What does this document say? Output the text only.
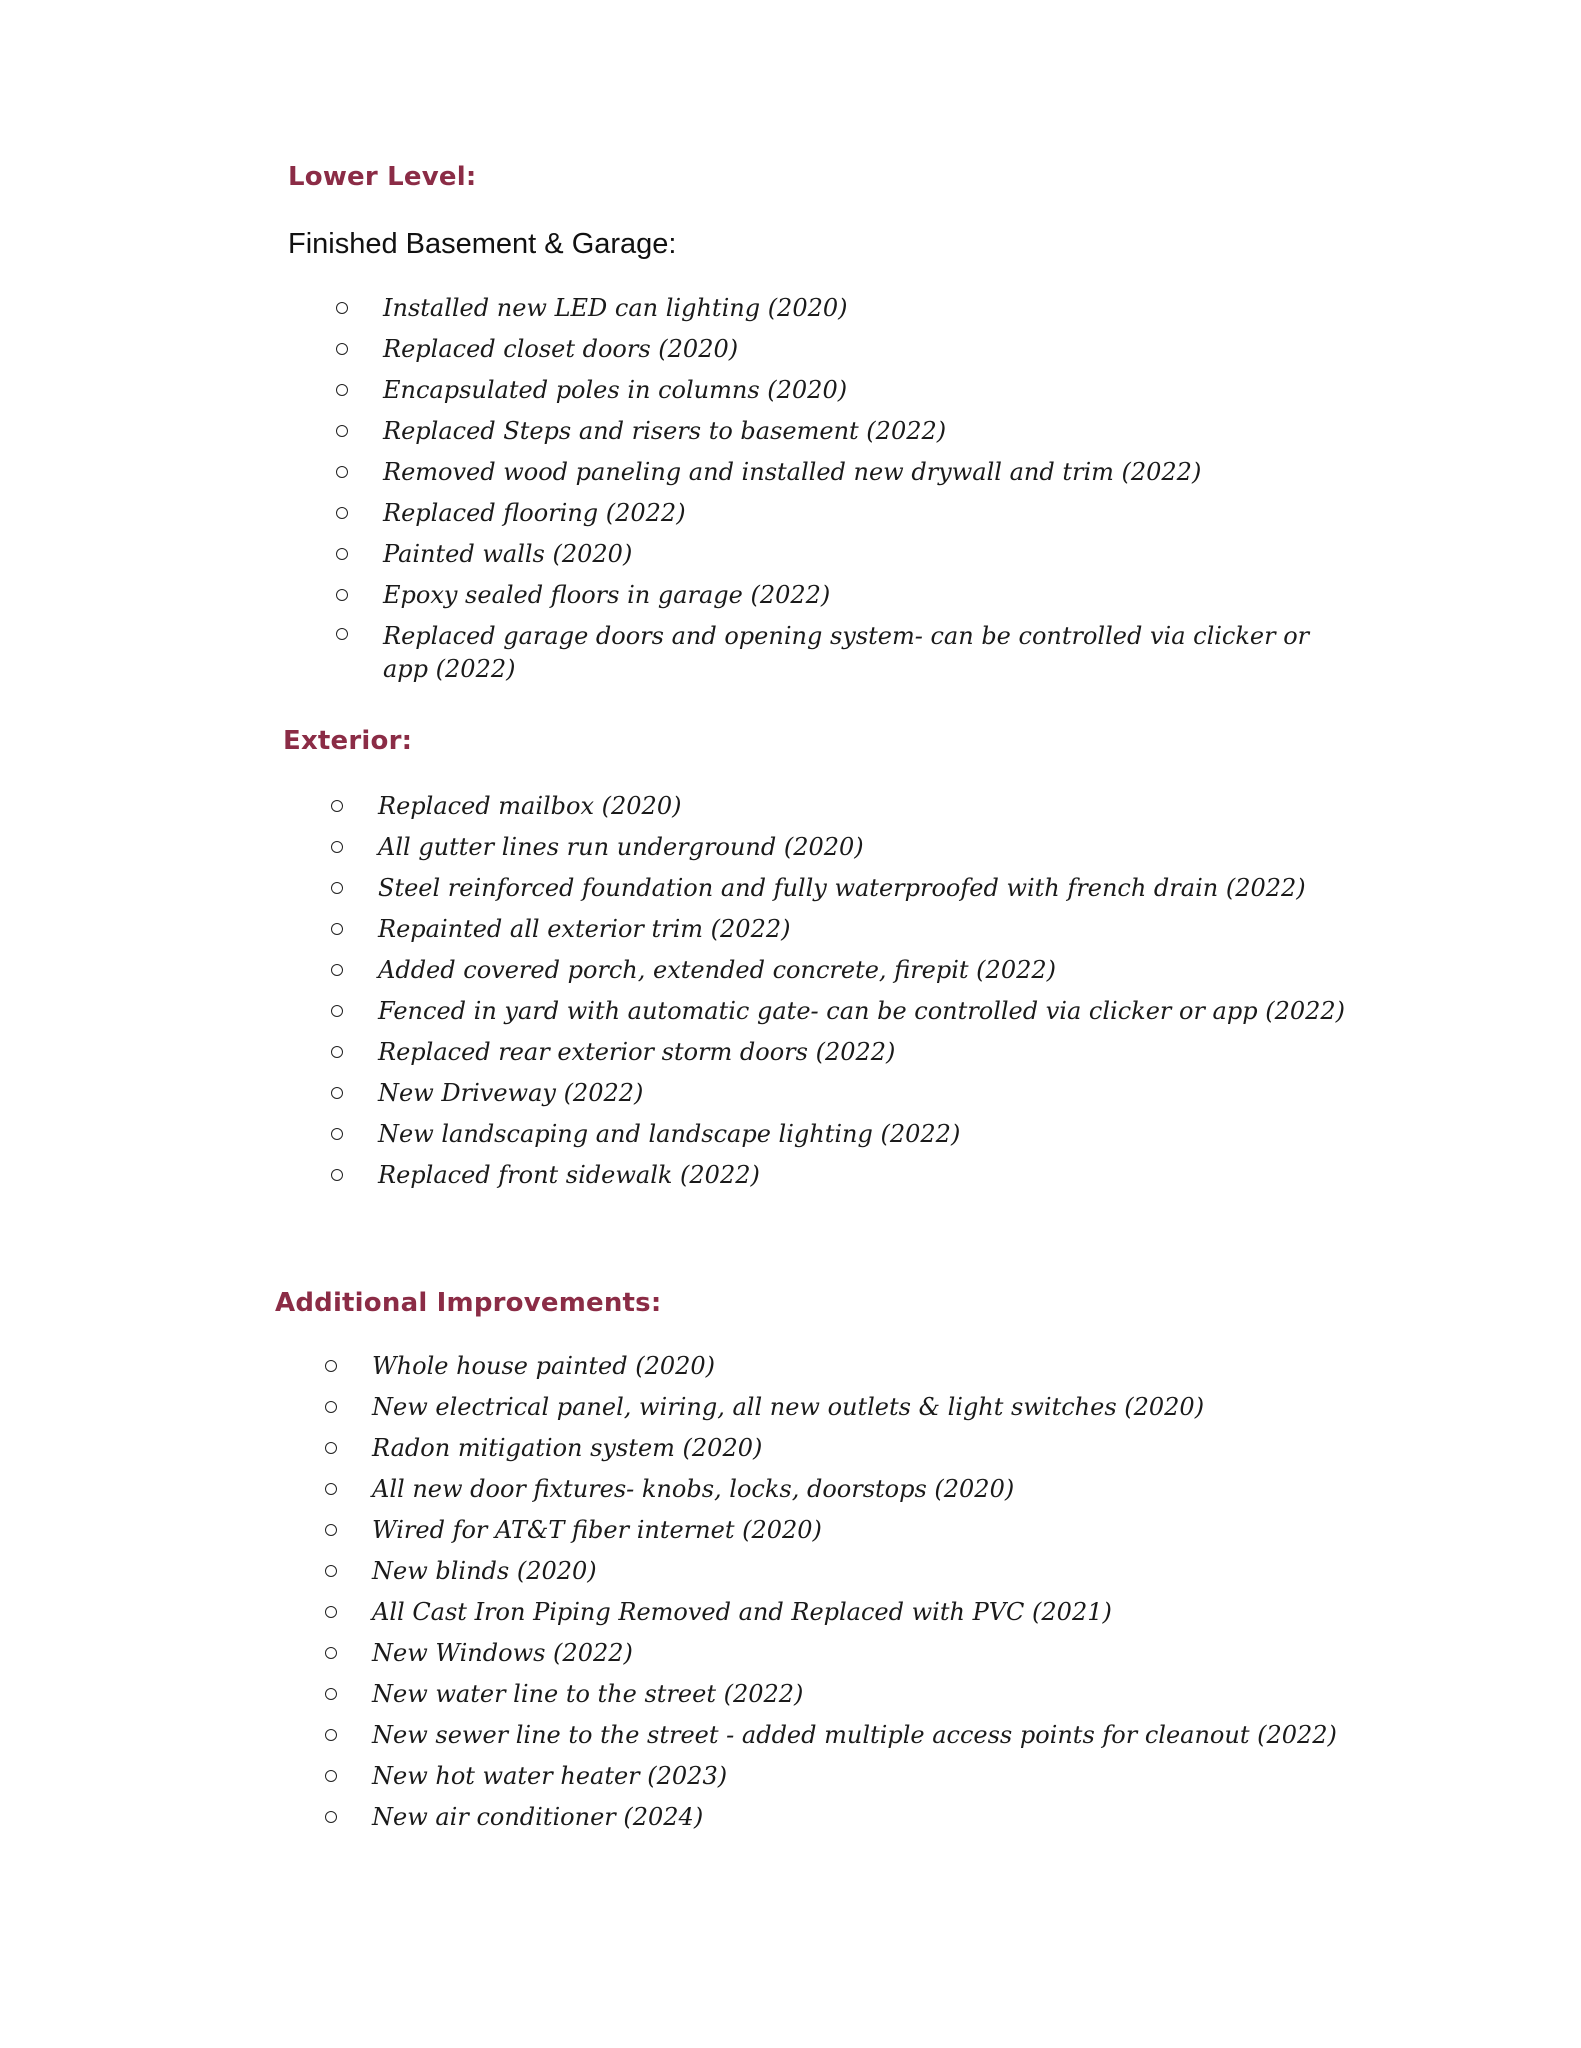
Lower Level:
Finished Basement & Garage:
Installed new LED can lighting (2020)
Replaced closet doors (2020)
Encapsulated poles in columns (2020)
Replaced Steps and risers to basement (2022)
Removed wood paneling and installed new drywall and trim (2022)
Replaced flooring (2022)
Painted walls (2020)
Epoxy sealed floors in garage (2022)
Replaced garage doors and opening system- can be controlled via clicker or app (2022)
Exterior:
Replaced mailbox (2020)
All gutter lines run underground (2020)
Steel reinforced foundation and fully waterproofed with french drain (2022)
Repainted all exterior trim (2022)
Added covered porch, extended concrete, firepit (2022)
Fenced in yard with automatic gate- can be controlled via clicker or app (2022)
Replaced rear exterior storm doors (2022)
New Driveway (2022)
New landscaping and landscape lighting (2022)
Replaced front sidewalk (2022)
Additional Improvements:
Whole house painted (2020)
New electrical panel, wiring, all new outlets & light switches (2020)
Radon mitigation system (2020)
All new door fixtures- knobs, locks, doorstops (2020)
Wired for AT&T fiber internet (2020)
New blinds (2020)
All Cast Iron Piping Removed and Replaced with PVC (2021)
New Windows (2022)
New water line to the street (2022)
New sewer line to the street - added multiple access points for cleanout (2022)
New hot water heater (2023)
New air conditioner (2024)
